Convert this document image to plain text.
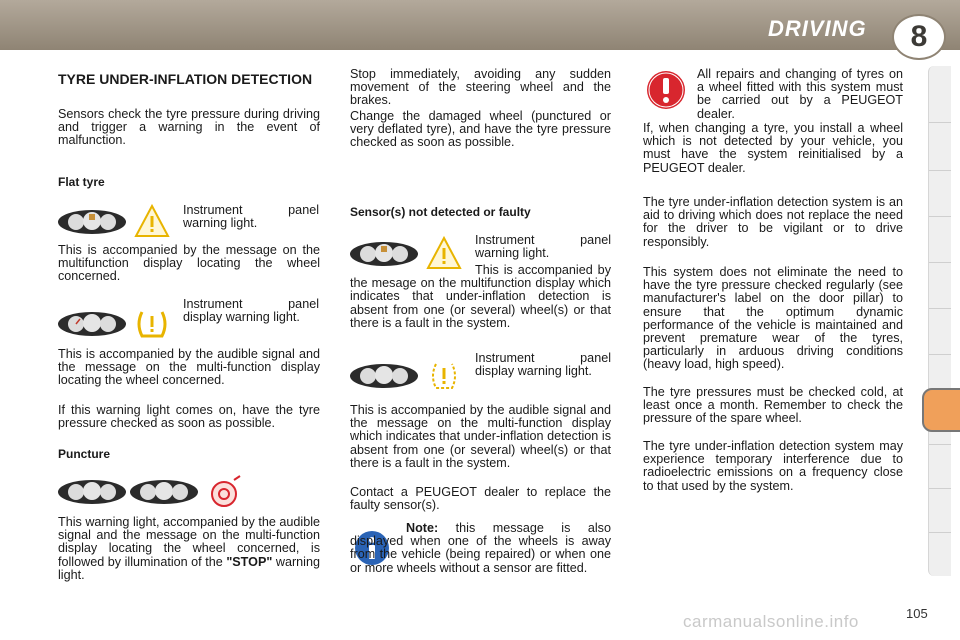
DRIVING	8
TYRE UNDER-INFLATION DETECTION
Sensors check the tyre pressure during driving and trigger a warning in the event of malfunction.
Flat tyre
Instrument panel warning light.
This is accompanied by the message on the multifunction display locating the wheel concerned.
Instrument panel display warning light.
This is accompanied by the audible signal and the message on the multi-function display locating the wheel concerned.
If this warning light comes on, have the tyre pressure checked as soon as possible.
Puncture
This warning light, accompanied by the audible signal and the message on the multi-function display locating the wheel concerned, is followed by illumination of the "STOP" warning light.
Stop immediately, avoiding any sudden movement of the steering wheel and the brakes.
Change the damaged wheel (punctured or very deflated tyre), and have the tyre pressure checked as soon as possible.
Sensor(s) not detected or faulty
Instrument panel warning light.
This is accompanied by the mesage on the multifunction display which indicates that under-inflation detection is absent from one (or several) wheel(s) or that there is a fault in the system.
Instrument panel display warning light.
This is accompanied by the audible signal and the message on the multi-function display which indicates that under-inflation detection is absent from one (or several) wheel(s) or that there is a fault in the system.
Contact a PEUGEOT dealer to replace the faulty sensor(s).
Note: this message is also displayed when one of the wheels is away from the vehicle (being repaired) or when one or more wheels without a sensor are fitted.
All repairs and changing of tyres on a wheel fitted with this system must be carried out by a PEUGEOT dealer.
If, when changing a tyre, you install a wheel which is not detected by your vehicle, you must have the system reinitialised by a PEUGEOT dealer.
The tyre under-inflation detection system is an aid to driving which does not replace the need for the driver to be vigilant or to drive responsibly.
This system does not eliminate the need to have the tyre pressure checked regularly (see manufacturer's label on the door pillar) to ensure that the optimum dynamic performance of the vehicle is maintained and prevent premature wear of the tyres, particularly in arduous driving conditions (heavy load, high speed).
The tyre pressures must be checked cold, at least once a month. Remember to check the pressure of the spare wheel.
The tyre under-inflation detection system may experience temporary interference due to radioelectric emissions on a frequency close to that used by the system.
carmanualsonline.info	105
